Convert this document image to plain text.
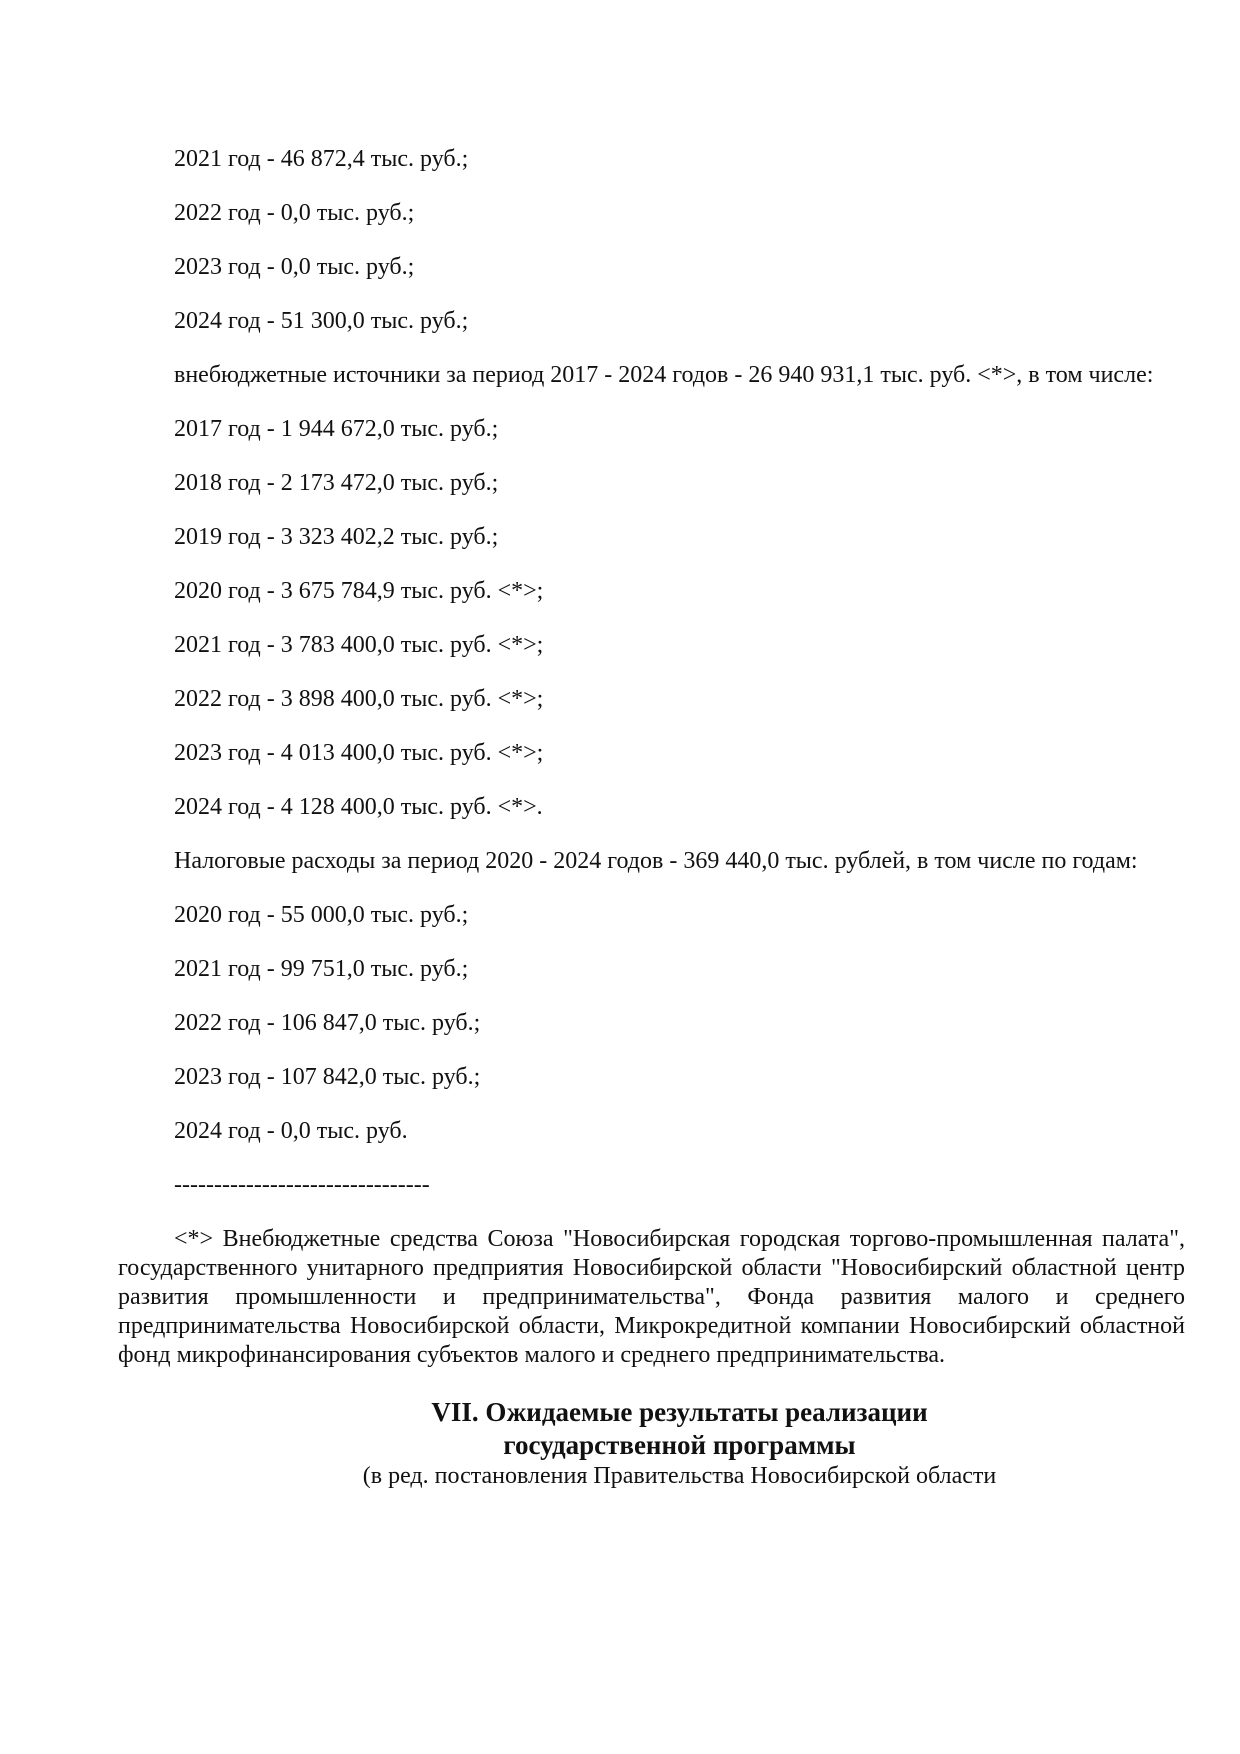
2021 год - 46 872,4 тыс. руб.;
2022 год - 0,0 тыс. руб.;
2023 год - 0,0 тыс. руб.;
2024 год - 51 300,0 тыс. руб.;
внебюджетные источники за период 2017 - 2024 годов - 26 940 931,1 тыс. руб. <*>, в том числе:
2017 год - 1 944 672,0 тыс. руб.;
2018 год - 2 173 472,0 тыс. руб.;
2019 год - 3 323 402,2 тыс. руб.;
2020 год - 3 675 784,9 тыс. руб. <*>;
2021 год - 3 783 400,0 тыс. руб. <*>;
2022 год - 3 898 400,0 тыс. руб. <*>;
2023 год - 4 013 400,0 тыс. руб. <*>;
2024 год - 4 128 400,0 тыс. руб. <*>.
Налоговые расходы за период 2020 - 2024 годов - 369 440,0 тыс. рублей, в том числе по годам:
2020 год - 55 000,0 тыс. руб.;
2021 год - 99 751,0 тыс. руб.;
2022 год - 106 847,0 тыс. руб.;
2023 год - 107 842,0 тыс. руб.;
2024 год - 0,0 тыс. руб.
--------------------------------
<*> Внебюджетные средства Союза "Новосибирская городская торгово-промышленная палата", государственного унитарного предприятия Новосибирской области "Новосибирский областной центр развития промышленности и предпринимательства", Фонда развития малого и среднего предпринимательства Новосибирской области, Микрокредитной компании Новосибирский областной фонд микрофинансирования субъектов малого и среднего предпринимательства.
VII. Ожидаемые результаты реализации
государственной программы
(в ред. постановления Правительства Новосибирской области
